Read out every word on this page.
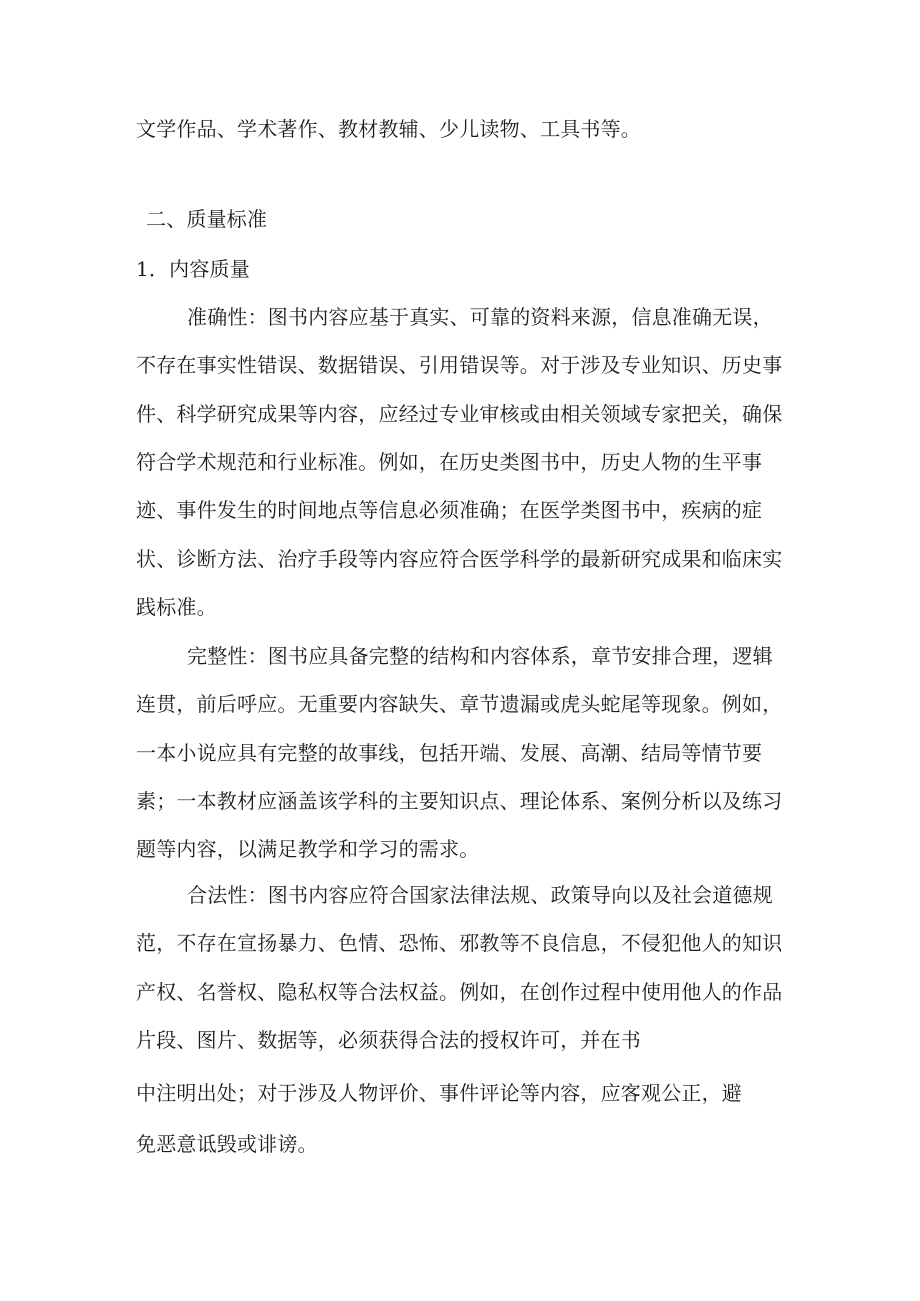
文学作品、学术著作、教材教辅、少儿读物、工具书等。
二、质量标准
1．内容质量
准确性：图书内容应基于真实、可靠的资料来源，信息准确无误，
不存在事实性错误、数据错误、引用错误等。对于涉及专业知识、历史事
件、科学研究成果等内容，应经过专业审核或由相关领域专家把关，确保
符合学术规范和行业标准。例如，在历史类图书中，历史人物的生平事
迹、事件发生的时间地点等信息必须准确；在医学类图书中，疾病的症
状、诊断方法、治疗手段等内容应符合医学科学的最新研究成果和临床实
践标准。
完整性：图书应具备完整的结构和内容体系，章节安排合理，逻辑
连贯，前后呼应。无重要内容缺失、章节遗漏或虎头蛇尾等现象。例如，
一本小说应具有完整的故事线，包括开端、发展、高潮、结局等情节要
素；一本教材应涵盖该学科的主要知识点、理论体系、案例分析以及练习
题等内容，以满足教学和学习的需求。
合法性：图书内容应符合国家法律法规、政策导向以及社会道德规
范，不存在宣扬暴力、色情、恐怖、邪教等不良信息，不侵犯他人的知识
产权、名誉权、隐私权等合法权益。例如，在创作过程中使用他人的作品
片段、图片、数据等，必须获得合法的授权许可，并在书
中注明出处；对于涉及人物评价、事件评论等内容，应客观公正，避
免恶意诋毁或诽谤。
